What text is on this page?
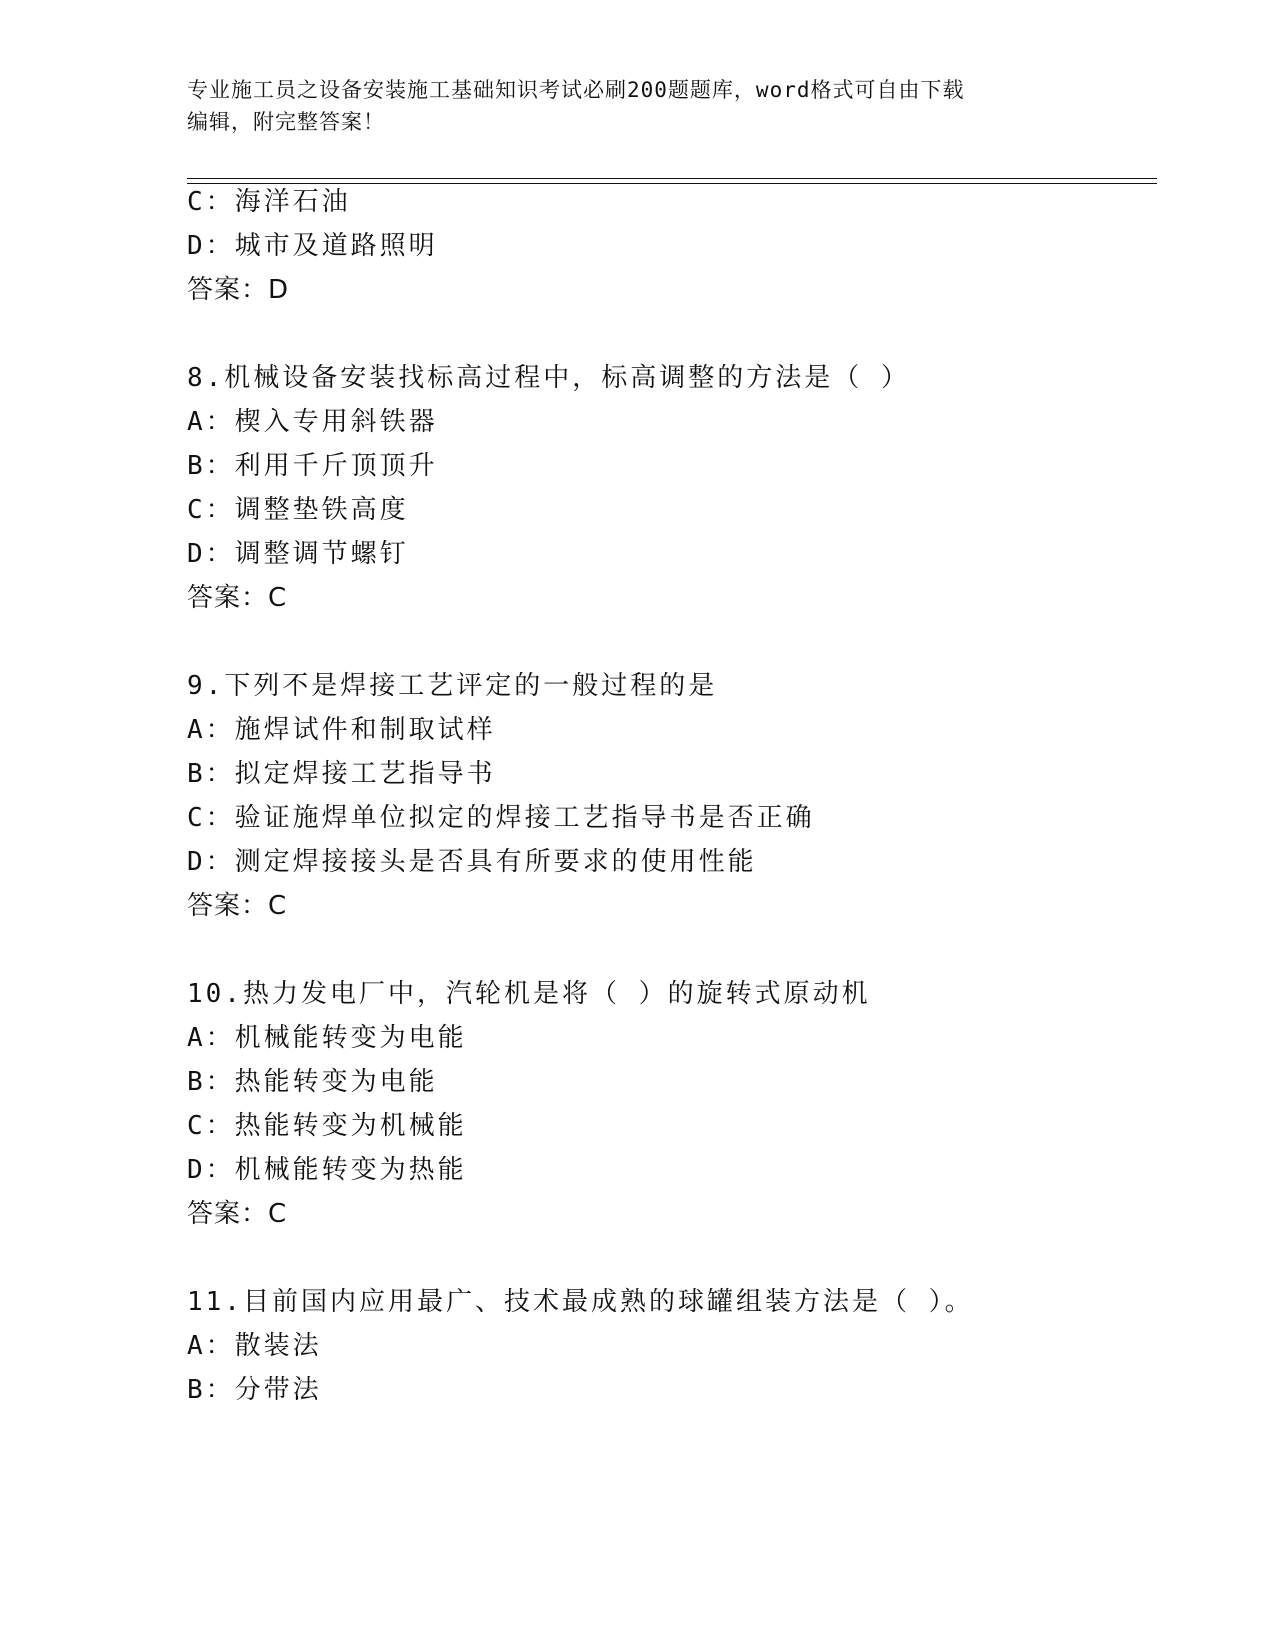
专业施工员之设备安装施工基础知识考试必刷200题题库，word格式可自由下载
编辑，附完整答案！
C：海洋石油
D：城市及道路照明
答案：D
8.机械设备安装找标高过程中，标高调整的方法是（ ）
A：楔入专用斜铁器
B：利用千斤顶顶升
C：调整垫铁高度
D：调整调节螺钉
答案：C
9.下列不是焊接工艺评定的一般过程的是
A：施焊试件和制取试样
B：拟定焊接工艺指导书
C：验证施焊单位拟定的焊接工艺指导书是否正确
D：测定焊接接头是否具有所要求的使用性能
答案：C
10.热力发电厂中，汽轮机是将（ ）的旋转式原动机
A：机械能转变为电能
B：热能转变为电能
C：热能转变为机械能
D：机械能转变为热能
答案：C
11.目前国内应用最广、技术最成熟的球罐组装方法是（ ）。
A：散装法
B：分带法
